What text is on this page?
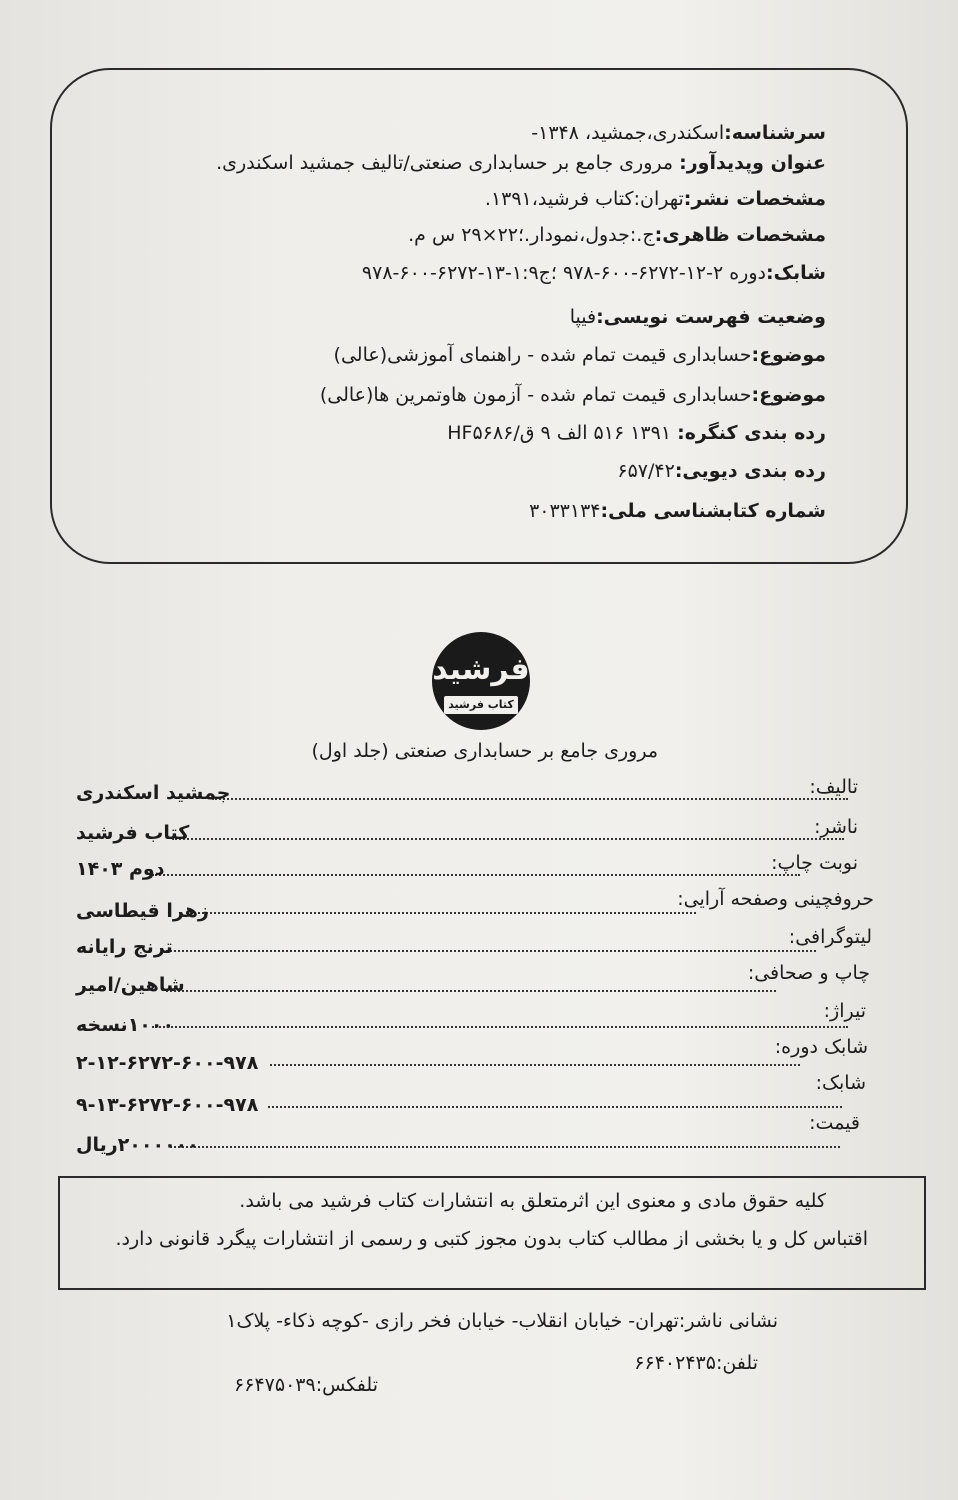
سرشناسه:اسکندری،جمشید، ۱۳۴۸-
عنوان وپدیدآور: مروری جامع بر حسابداری صنعتی/تالیف جمشید اسکندری.
مشخصات نشر:تهران:کتاب فرشید،۱۳۹۱.
مشخصات ظاهری:ج.:جدول،نمودار.؛۲۲×۲۹ س م.
شابک:دوره ۲-۱۲-۶۲۷۲-۶۰۰-۹۷۸ ؛ج۱:۹-۱۳-۶۲۷۲-۶۰۰-۹۷۸
وضعیت فهرست نویسی:فیپا
موضوع:حسابداری قیمت تمام شده - راهنمای آموزشی(عالی)
موضوع:حسابداری قیمت تمام شده - آزمون هاوتمرین ها(عالی)
رده بندی کنگره: ۱۳۹۱ ۵۱۶ الف ۹ ق/HF۵۶۸۶
رده بندی دیویی:۶۵۷/۴۲
شماره کتابشناسی ملی:۳۰۳۳۱۳۴
فرشید
کتاب فرشید
مروری جامع بر حسابداری صنعتی (جلد اول)
تالیف:
جمشید اسکندری
ناشر:
کتاب فرشید
نوبت چاپ:
دوم ۱۴۰۳
حروفچینی وصفحه آرایی:
زهرا قیطاسی
لیتوگرافی:
ترنج رایانه
چاپ و صحافی:
شاهین/امیر
تیراژ:
۱۰۰۰نسخه
شابک دوره:
۲-۱۲-۶۲۷۲-۶۰۰-۹۷۸
شابک:
۹-۱۳-۶۲۷۲-۶۰۰-۹۷۸
قیمت:
۲۰۰۰۰۰۰ریال
کلیه حقوق مادی و معنوی این اثرمتعلق به انتشارات کتاب فرشید می باشد.
اقتباس کل و یا بخشی از مطالب کتاب بدون مجوز کتبی و رسمی از انتشارات پیگرد قانونی دارد.
نشانی ناشر:تهران- خیابان انقلاب- خیابان فخر رازی -کوچه ذکاء- پلاک۱
تلفن:۶۶۴۰۲۴۳۵
تلفکس:۶۶۴۷۵۰۳۹
